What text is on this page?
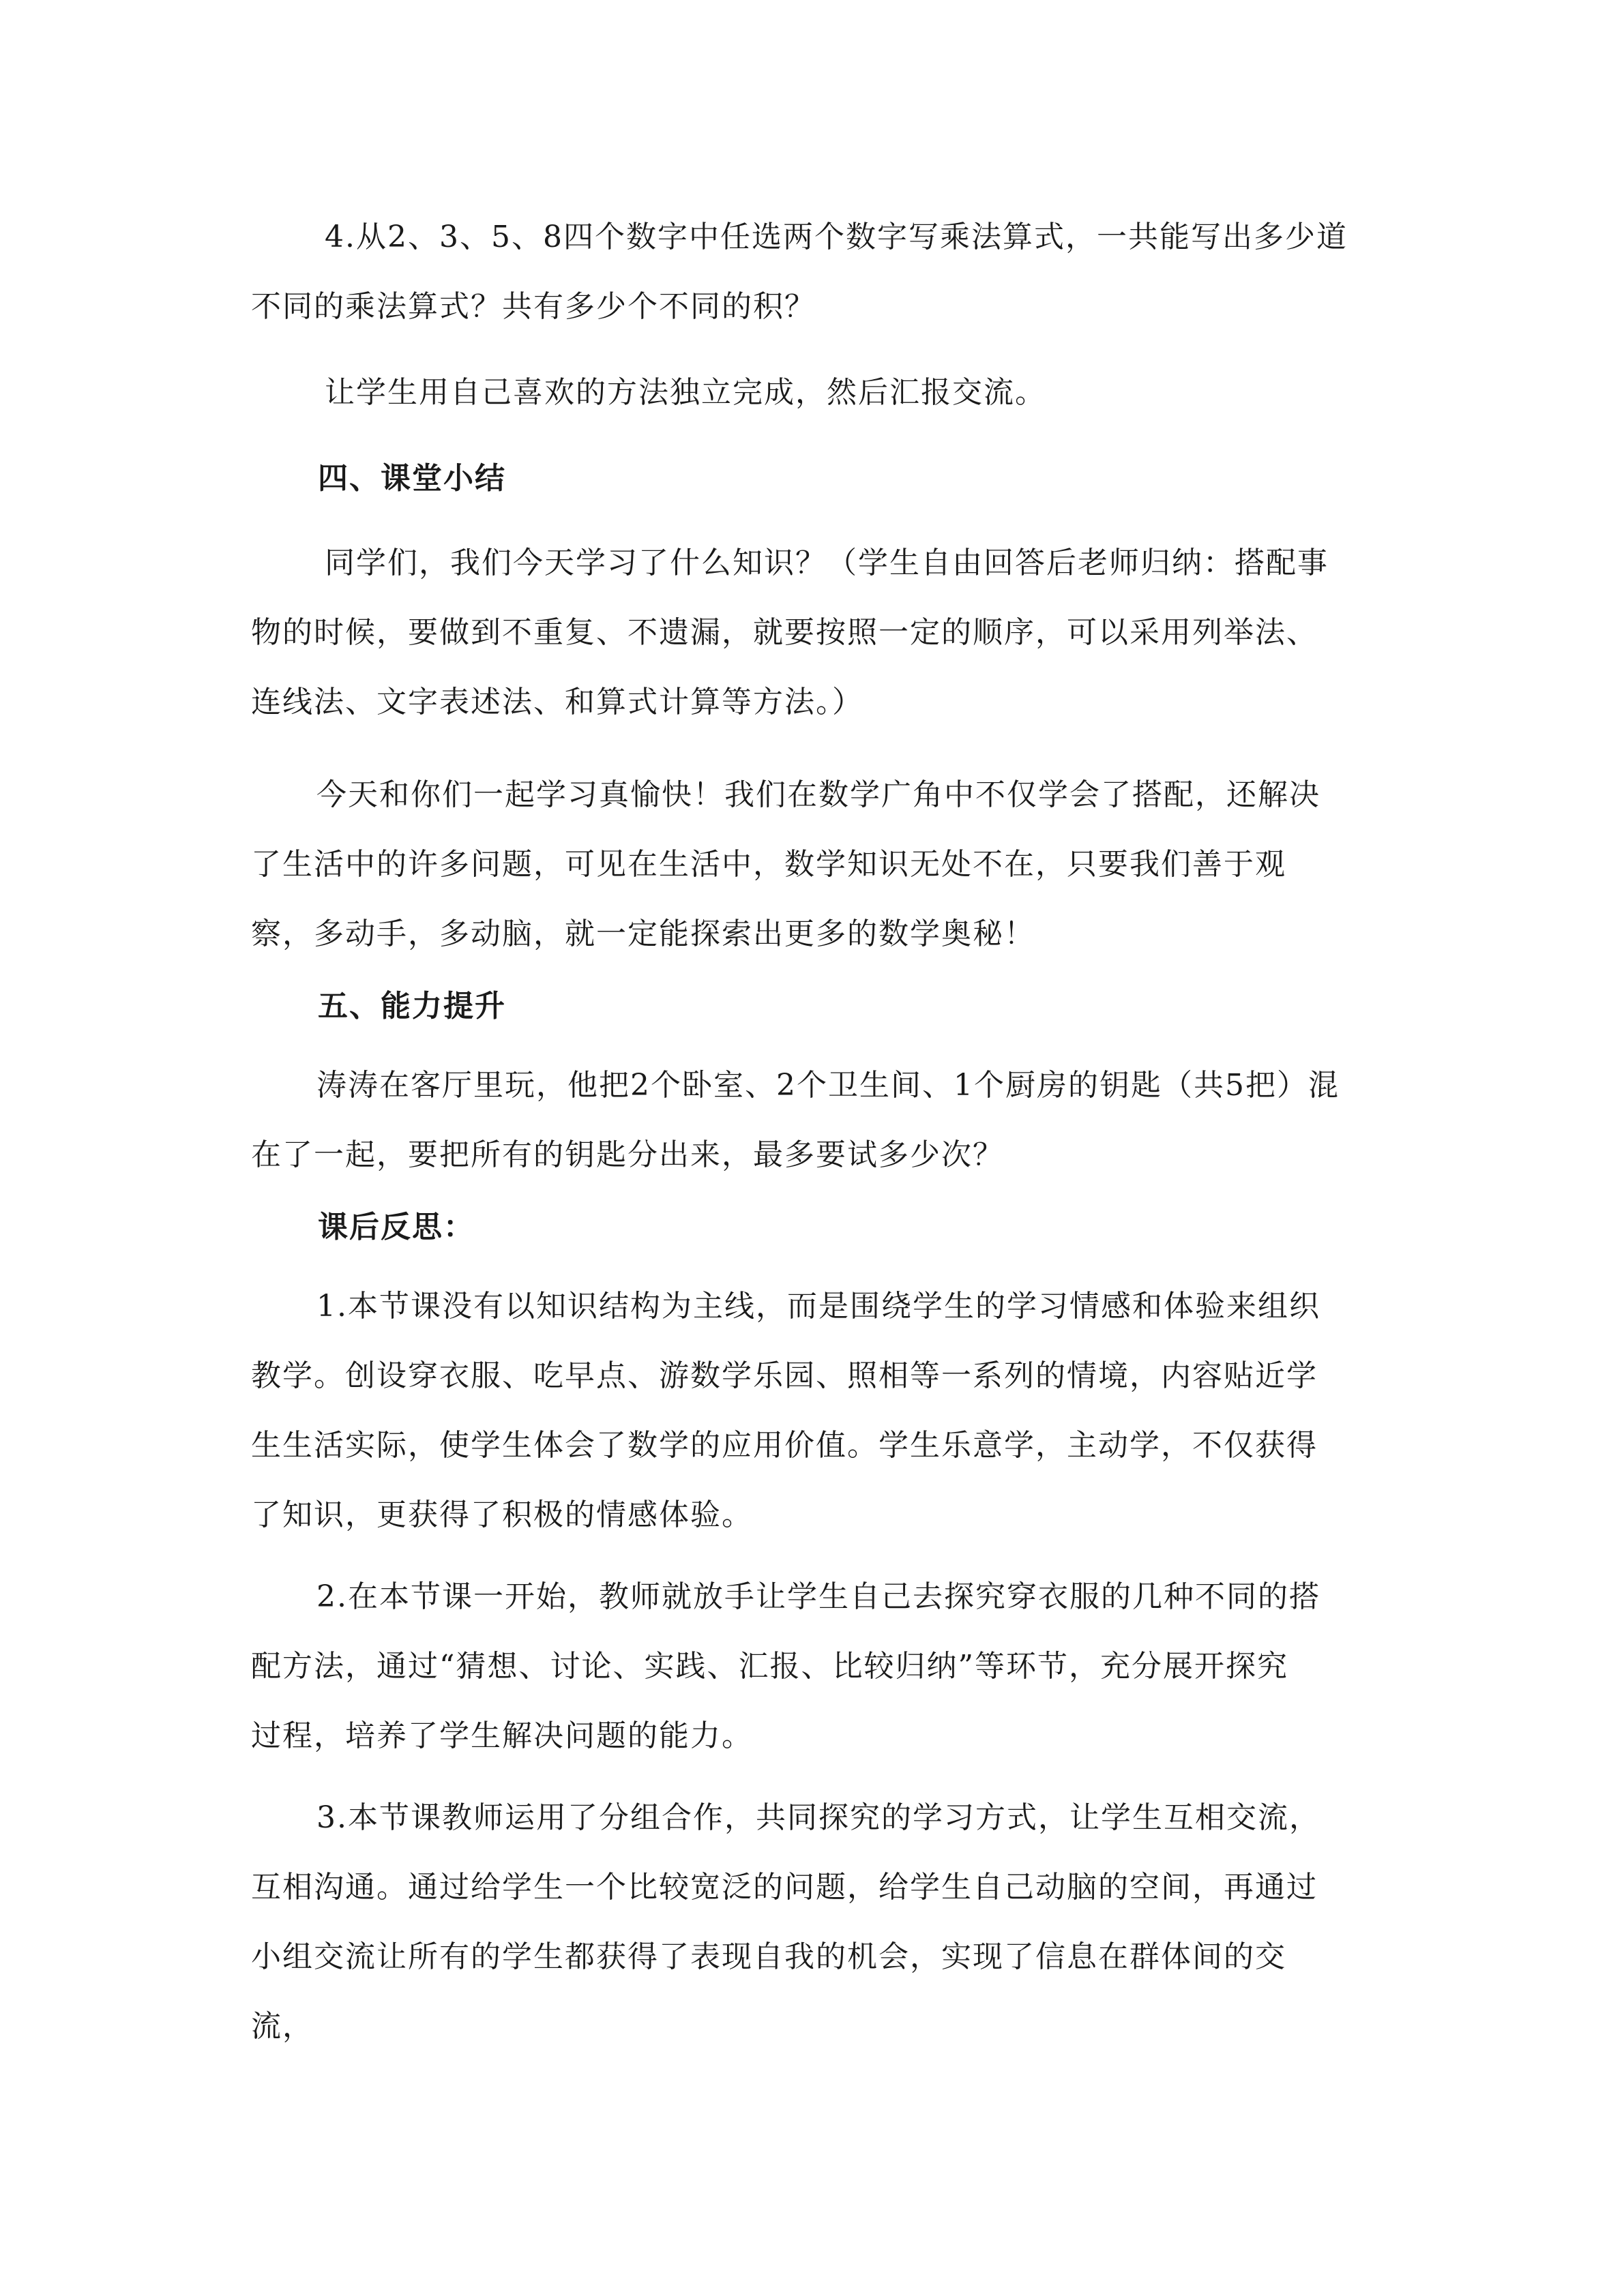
4.从2、3、5、8四个数字中任选两个数字写乘法算式，一共能写出多少道
不同的乘法算式？共有多少个不同的积？
让学生用自己喜欢的方法独立完成，然后汇报交流。
四、课堂小结
同学们，我们今天学习了什么知识？（学生自由回答后老师归纳：搭配事
物的时候，要做到不重复、不遗漏，就要按照一定的顺序，可以采用列举法、
连线法、文字表述法、和算式计算等方法。）
今天和你们一起学习真愉快！我们在数学广角中不仅学会了搭配，还解决
了生活中的许多问题，可见在生活中，数学知识无处不在，只要我们善于观
察，多动手，多动脑，就一定能探索出更多的数学奥秘！
五、能力提升
涛涛在客厅里玩，他把2个卧室、2个卫生间、1个厨房的钥匙（共5把）混
在了一起，要把所有的钥匙分出来，最多要试多少次？
课后反思：
1.本节课没有以知识结构为主线，而是围绕学生的学习情感和体验来组织
教学。创设穿衣服、吃早点、游数学乐园、照相等一系列的情境，内容贴近学
生生活实际，使学生体会了数学的应用价值。学生乐意学，主动学，不仅获得
了知识，更获得了积极的情感体验。
2.在本节课一开始，教师就放手让学生自己去探究穿衣服的几种不同的搭
配方法，通过“猜想、讨论、实践、汇报、比较归纳”等环节，充分展开探究
过程，培养了学生解决问题的能力。
3.本节课教师运用了分组合作，共同探究的学习方式，让学生互相交流，
互相沟通。通过给学生一个比较宽泛的问题，给学生自己动脑的空间，再通过
小组交流让所有的学生都获得了表现自我的机会，实现了信息在群体间的交
流，
